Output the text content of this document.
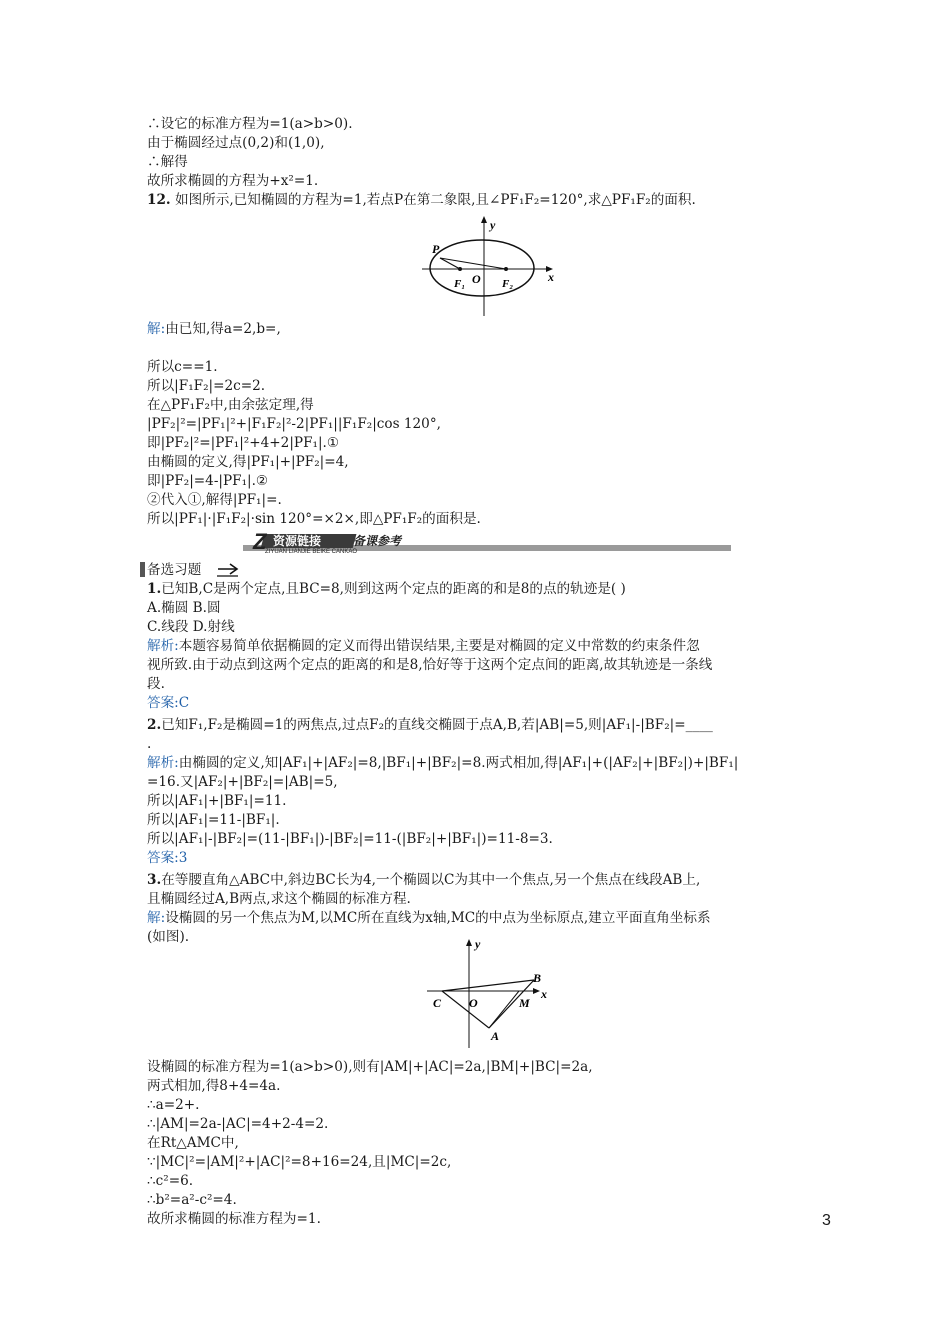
∴设它的标准方程为=1(a>b>0).
由于椭圆经过点(0,2)和(1,0),
∴解得
故所求椭圆的方程为+x²=1.
12. 如图所示,已知椭圆的方程为=1,若点P在第二象限,且∠PF₁F₂=120°,求△PF₁F₂的面积.
解:由已知,得a=2,b=,
所以c==1.
所以|F₁F₂|=2c=2.
在△PF₁F₂中,由余弦定理,得
|PF₂|²=|PF₁|²+|F₁F₂|²-2|PF₁||F₁F₂|cos 120°,
即|PF₂|²=|PF₁|²+4+2|PF₁|.①
由椭圆的定义,得|PF₁|+|PF₂|=4,
即|PF₂|=4-|PF₁|.②
②代入①,解得|PF₁|=.
所以|PF₁|·|F₁F₂|·sin 120°=×2×,即△PF₁F₂的面积是.
备选习题
1.已知B,C是两个定点,且BC=8,则到这两个定点的距离的和是8的点的轨迹是( )
A.椭圆 B.圆
C.线段 D.射线
解析:本题容易简单依据椭圆的定义而得出错误结果,主要是对椭圆的定义中常数的约束条件忽
视所致.由于动点到这两个定点的距离的和是8,恰好等于这两个定点间的距离,故其轨迹是一条线
段.
答案:C
2.已知F₁,F₂是椭圆=1的两焦点,过点F₂的直线交椭圆于点A,B,若|AB|=5,则|AF₁|-|BF₂|=____
.
解析:由椭圆的定义,知|AF₁|+|AF₂|=8,|BF₁|+|BF₂|=8.两式相加,得|AF₁|+(|AF₂|+|BF₂|)+|BF₁|
=16.又|AF₂|+|BF₂|=|AB|=5,
所以|AF₁|+|BF₁|=11.
所以|AF₁|=11-|BF₁|.
所以|AF₁|-|BF₂|=(11-|BF₁|)-|BF₂|=11-(|BF₂|+|BF₁|)=11-8=3.
答案:3
3.在等腰直角△ABC中,斜边BC长为4,一个椭圆以C为其中一个焦点,另一个焦点在线段AB上,
且椭圆经过A,B两点,求这个椭圆的标准方程.
解:设椭圆的另一个焦点为M,以MC所在直线为x轴,MC的中点为坐标原点,建立平面直角坐标系
(如图).
设椭圆的标准方程为=1(a>b>0),则有|AM|+|AC|=2a,|BM|+|BC|=2a,
两式相加,得8+4=4a.
∴a=2+.
∴|AM|=2a-|AC|=4+2-4=2.
在Rt△AMC中,
∵|MC|²=|AM|²+|AC|²=8+16=24,且|MC|=2c,
∴c²=6.
∴b²=a²-c²=4.
故所求椭圆的标准方程为=1.
P
F₁ O F₂	x
y
Z 资源链接	备课参考
ZIYUAN LIANJIE BEIKE CANKAO
C O	M
B
A
x
y
3
